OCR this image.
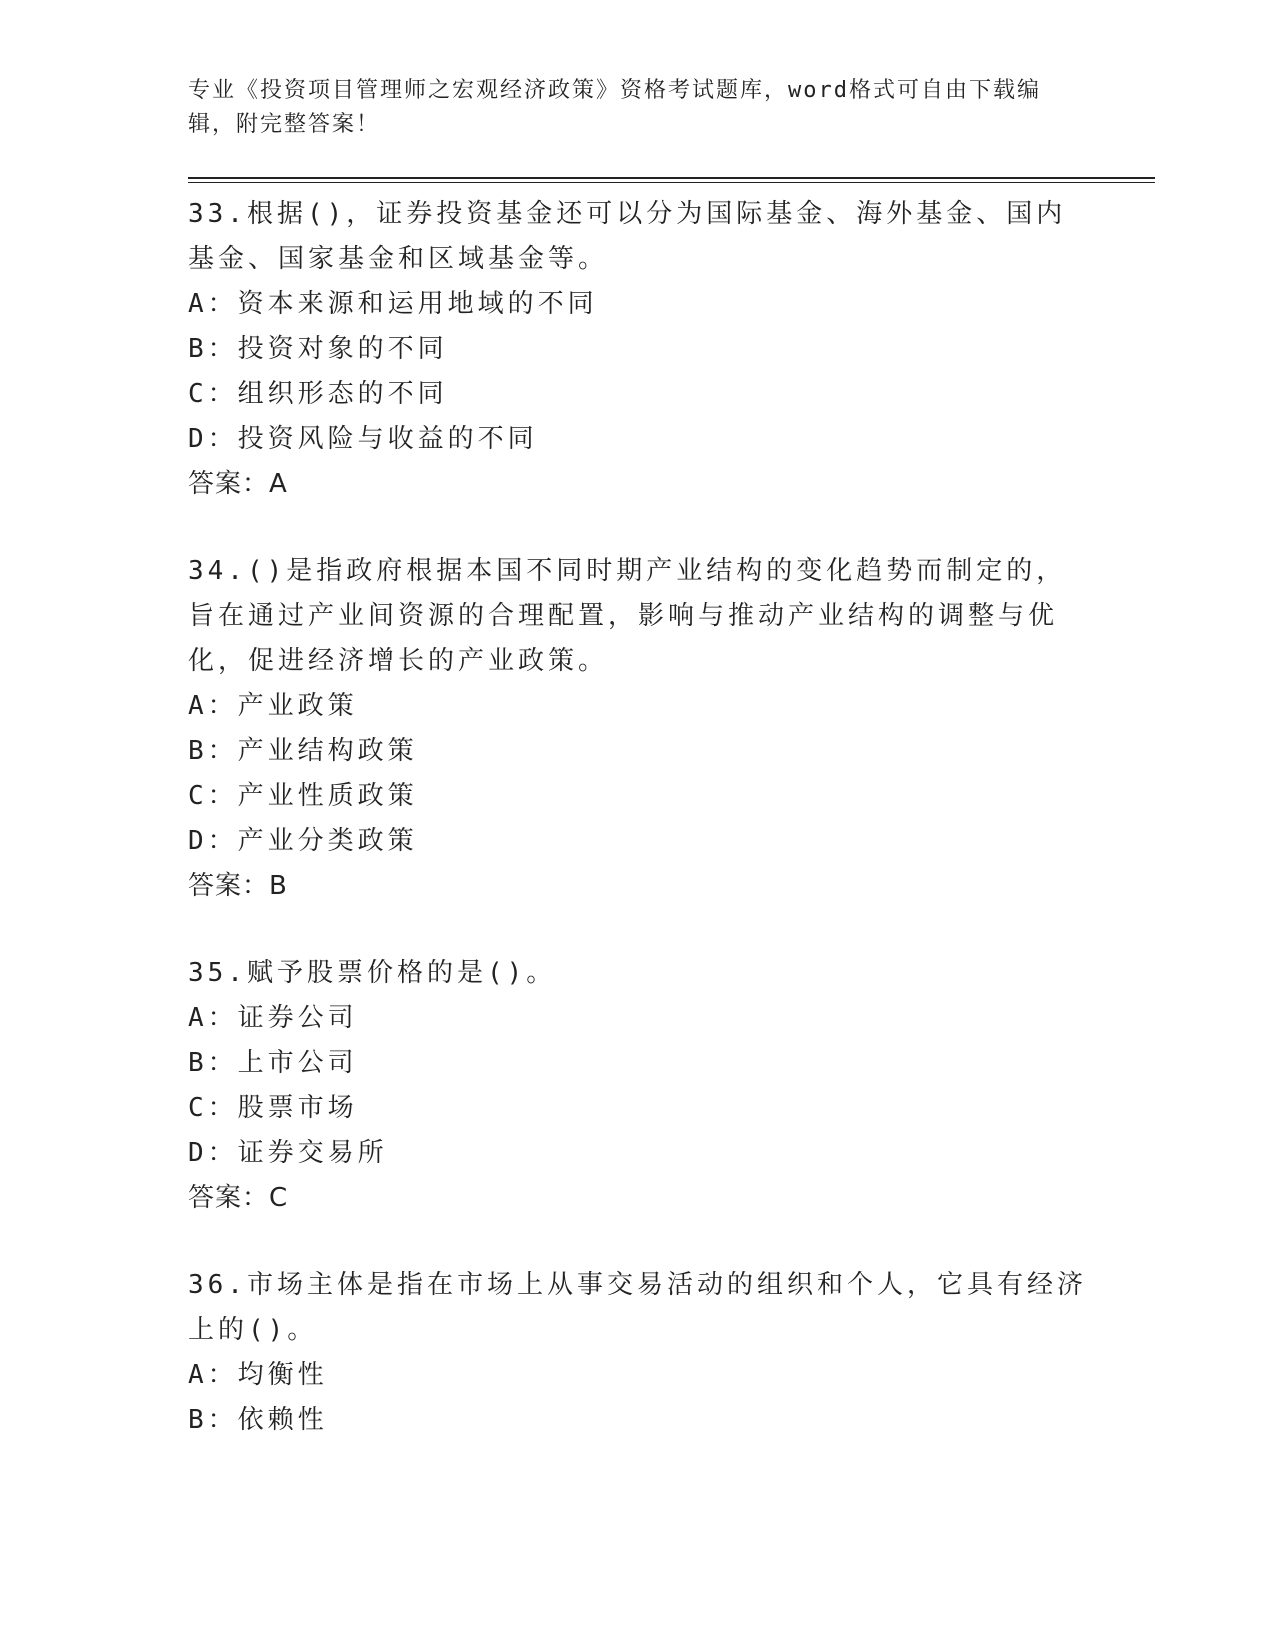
专业《投资项目管理师之宏观经济政策》资格考试题库，word格式可自由下载编辑，附完整答案！
33.根据()，证券投资基金还可以分为国际基金、海外基金、国内基金、国家基金和区域基金等。
A：资本来源和运用地域的不同
B：投资对象的不同
C：组织形态的不同
D：投资风险与收益的不同
答案：A
34.()是指政府根据本国不同时期产业结构的变化趋势而制定的，旨在通过产业间资源的合理配置，影响与推动产业结构的调整与优化，促进经济增长的产业政策。
A：产业政策
B：产业结构政策
C：产业性质政策
D：产业分类政策
答案：B
35.赋予股票价格的是()。
A：证券公司
B：上市公司
C：股票市场
D：证券交易所
答案：C
36.市场主体是指在市场上从事交易活动的组织和个人，它具有经济上的()。
A：均衡性
B：依赖性
